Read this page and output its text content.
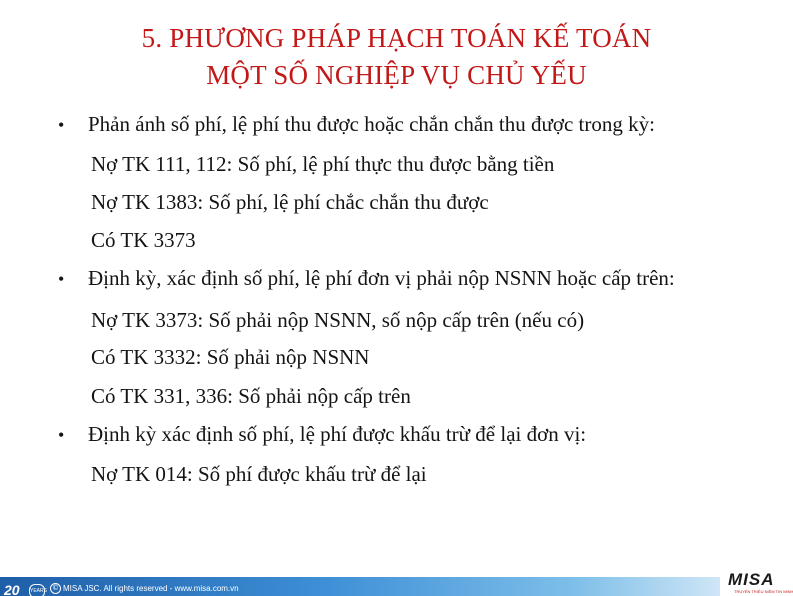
5. PHƯƠNG PHÁP HẠCH TOÁN KẾ TOÁN
MỘT SỐ NGHIỆP VỤ CHỦ YẾU
• Phản ánh số phí, lệ phí thu được hoặc chắn chắn thu được trong kỳ:
Nợ TK 111, 112: Số phí, lệ phí thực thu được bằng tiền
Nợ TK 1383: Số phí, lệ phí chắc chắn thu được
Có TK 3373
• Định kỳ, xác định số phí, lệ phí đơn vị phải nộp NSNN hoặc cấp trên:
Nợ TK 3373: Số phải nộp NSNN, số nộp cấp trên (nếu có)
Có TK 3332: Số phải nộp NSNN
Có TK 331, 336: Số phải nộp cấp trên
• Định kỳ xác định số phí, lệ phí được khấu trừ để lại đơn vị:
Nợ TK 014: Số phí được khấu trừ để lại
20 YEARS © MISA JSC. All rights reserved - www.misa.com.vn	MISA
TRUYỀN TRIỆU NIỀM TIN MINH
